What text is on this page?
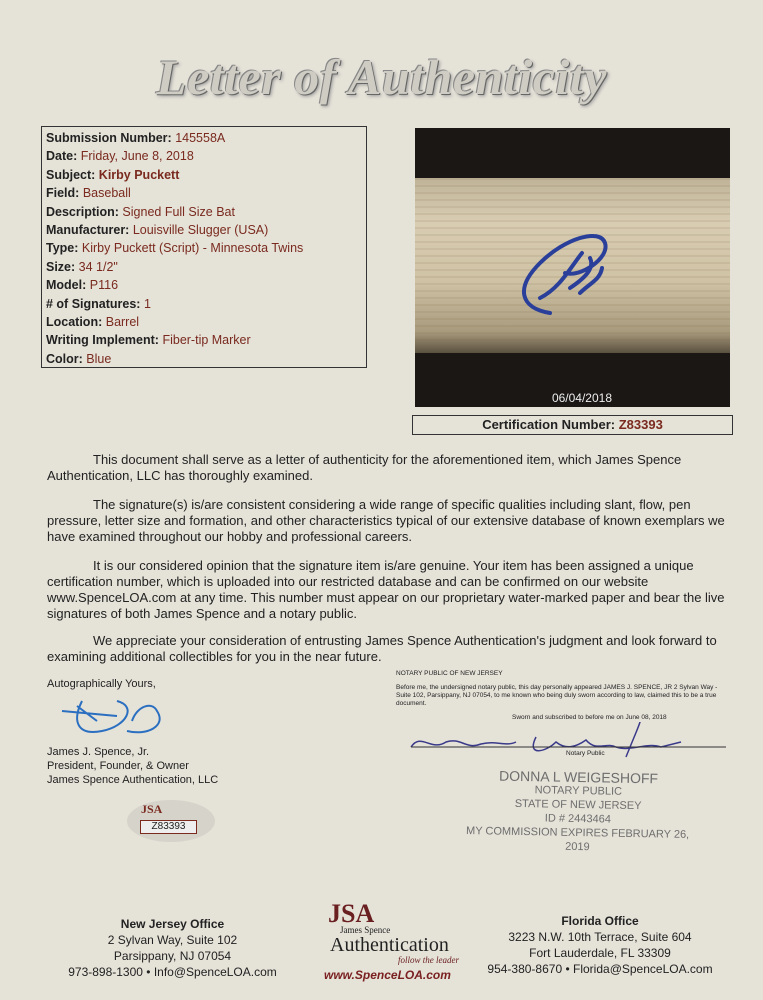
Letter of Authenticity
Submission Number: 145558A
Date: Friday, June 8, 2018
Subject: Kirby Puckett
Field: Baseball
Description: Signed Full Size Bat
Manufacturer: Louisville Slugger (USA)
Type: Kirby Puckett (Script) - Minnesota Twins
Size: 34 1/2"
Model: P116
# of Signatures: 1
Location: Barrel
Writing Implement: Fiber-tip Marker
Color: Blue
06/04/2018
Certification Number: Z83393

This document shall serve as a letter of authenticity for the aforementioned item, which James Spence Authentication, LLC has thoroughly examined.

The signature(s) is/are consistent considering a wide range of specific qualities including slant, flow, pen pressure, letter size and formation, and other characteristics typical of our extensive database of known exemplars we have examined throughout our hobby and professional careers.

It is our considered opinion that the signature item is/are genuine. Your item has been assigned a unique certification number, which is uploaded into our restricted database and can be confirmed on our website www.SpenceLOA.com at any time. This number must appear on our proprietary water-marked paper and bear the live signatures of both James Spence and a notary public.

We appreciate your consideration of entrusting James Spence Authentication's judgment and look forward to examining additional collectibles for you in the near future.

Autographically Yours,
James J. Spence, Jr.
President, Founder, & Owner
James Spence Authentication, LLC
JSA
Z83393
NOTARY PUBLIC OF NEW JERSEY
Before me, the undersigned notary public, this day personally appeared JAMES J. SPENCE, JR 2 Sylvan Way - Suite 102, Parsippany, NJ 07054, to me known who being duly sworn according to law, claimed this to be a true document.
Sworn and subscribed to before me on June 08, 2018
Notary Public
DONNA L WEIGESHOFF
NOTARY PUBLIC
STATE OF NEW JERSEY
ID # 2443464
MY COMMISSION EXPIRES FEBRUARY 26, 2019
New Jersey Office
2 Sylvan Way, Suite 102
Parsippany, NJ 07054
973-898-1300 • Info@SpenceLOA.com
JSA
James Spence
Authentication
follow the leader
www.SpenceLOA.com
Florida Office
3223 N.W. 10th Terrace, Suite 604
Fort Lauderdale, FL 33309
954-380-8670 • Florida@SpenceLOA.com
